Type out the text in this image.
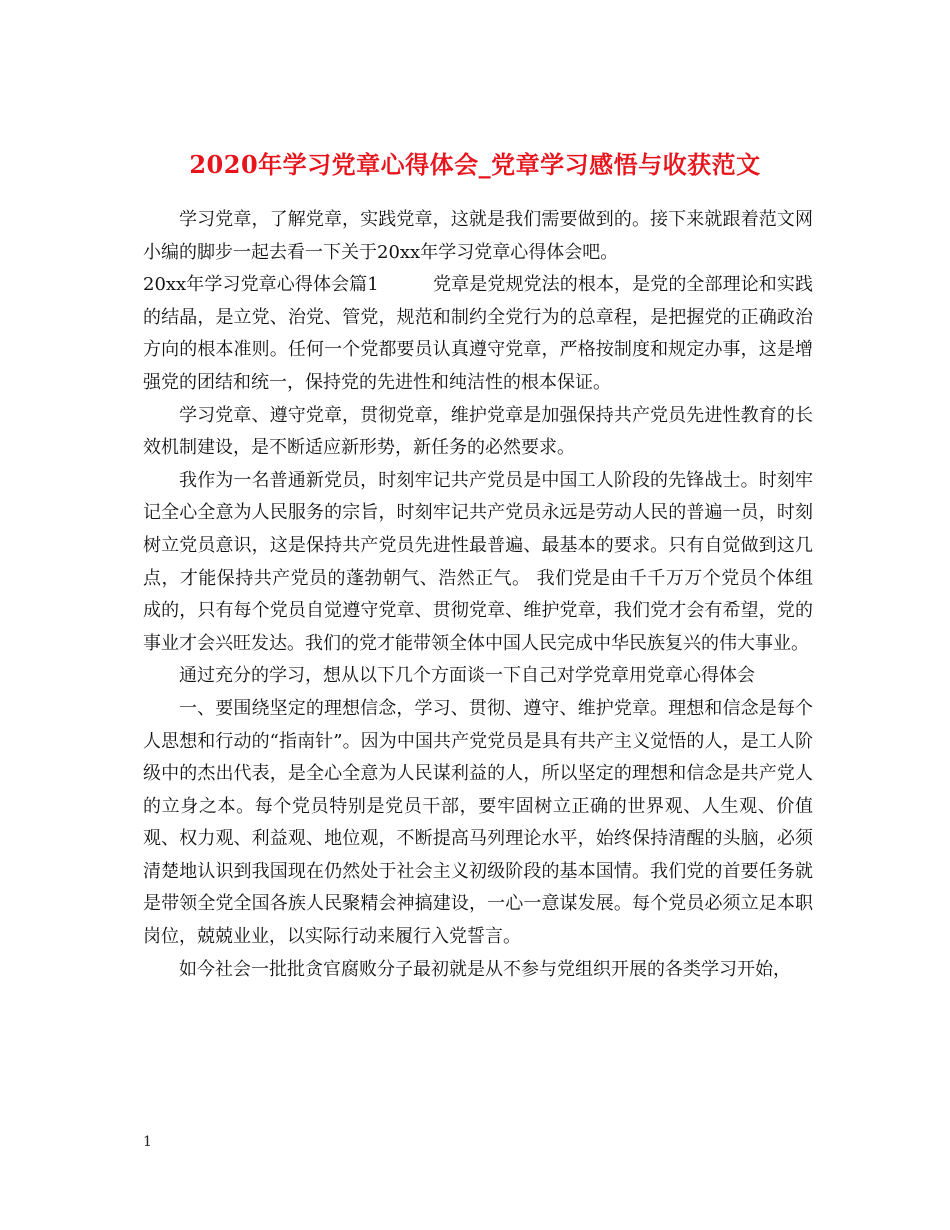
2020年学习党章心得体会_党章学习感悟与收获范文

学习党章，了解党章，实践党章，这就是我们需要做到的。接下来就跟着范文网小编的脚步一起去看一下关于20xx年学习党章心得体会吧。

20xx年学习党章心得体会篇1　　　党章是党规党法的根本，是党的全部理论和实践的结晶，是立党、治党、管党，规范和制约全党行为的总章程，是把握党的正确政治方向的根本准则。任何一个党都要员认真遵守党章，严格按制度和规定办事，这是增强党的团结和统一，保持党的先进性和纯洁性的根本保证。

学习党章、遵守党章，贯彻党章，维护党章是加强保持共产党员先进性教育的长效机制建设，是不断适应新形势，新任务的必然要求。

我作为一名普通新党员，时刻牢记共产党员是中国工人阶段的先锋战士。时刻牢记全心全意为人民服务的宗旨，时刻牢记共产党员永远是劳动人民的普遍一员，时刻树立党员意识，这是保持共产党员先进性最普遍、最基本的要求。只有自觉做到这几点，才能保持共产党员的蓬勃朝气、浩然正气。 我们党是由千千万万个党员个体组成的，只有每个党员自觉遵守党章、贯彻党章、维护党章，我们党才会有希望，党的事业才会兴旺发达。我们的党才能带领全体中国人民完成中华民族复兴的伟大事业。

通过充分的学习，想从以下几个方面谈一下自己对学党章用党章心得体会

一、要围绕坚定的理想信念，学习、贯彻、遵守、维护党章。理想和信念是每个人思想和行动的“指南针”。因为中国共产党党员是具有共产主义觉悟的人，是工人阶级中的杰出代表，是全心全意为人民谋利益的人，所以坚定的理想和信念是共产党人的立身之本。每个党员特别是党员干部，要牢固树立正确的世界观、人生观、价值观、权力观、利益观、地位观，不断提高马列理论水平，始终保持清醒的头脑，必须清楚地认识到我国现在仍然处于社会主义初级阶段的基本国情。我们党的首要任务就是带领全党全国各族人民聚精会神搞建设，一心一意谋发展。每个党员必须立足本职岗位，兢兢业业，以实际行动来履行入党誓言。

如今社会一批批贪官腐败分子最初就是从不参与党组织开展的各类学习开始，

1
